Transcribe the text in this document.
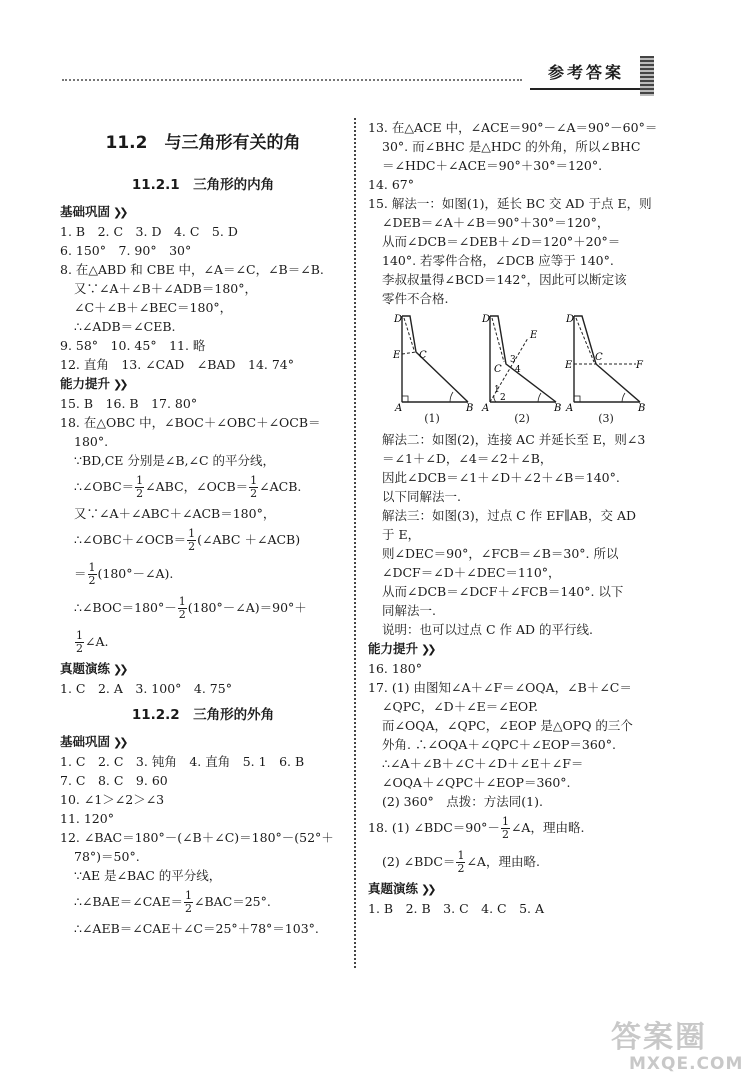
参考答案
11.2　与三角形有关的角
11.2.1　三角形的内角
基础巩固 ❯❯
1. B　2. C　3. D　4. C　5. D
6. 150°　7. 90°　30°
8. 在△ABD 和 CBE 中，∠A＝∠C，∠B＝∠B.
又∵∠A＋∠B＋∠ADB＝180°，
∠C＋∠B＋∠BEC＝180°，
∴∠ADB＝∠CEB.
9. 58°　10. 45°　11. 略
12. 直角　13. ∠CAD　∠BAD　14. 74°
能力提升 ❯❯
15. B　16. B　17. 80°
18. 在△OBC 中，∠BOC＋∠OBC＋∠OCB＝
180°.
∵BD,CE 分别是∠B,∠C 的平分线，
∴∠OBC＝ $\frac{1}{2}$ ∠ABC，∠OCB＝ $\frac{1}{2}$ ∠ACB.
又∵∠A＋∠ABC＋∠ACB＝180°，
∴∠OBC＋∠OCB＝ $\frac{1}{2}$ (∠ABC ＋∠ACB)
＝ $\frac{1}{2}$ (180°－∠A).
∴∠BOC＝180°－ $\frac{1}{2}$ (180°－∠A)＝90°＋
$\frac{1}{2}$ ∠A.
真题演练 ❯❯
1. C　2. A　3. 100°　4. 75°
11.2.2　三角形的外角
基础巩固 ❯❯
1. C　2. C　3. 钝角　4. 直角　5. 1　6. B
7. C　8. C　9. 60
10. ∠1＞∠2＞∠3
11. 120°
12. ∠BAC＝180°－(∠B＋∠C)＝180°－(52°＋
78°)＝50°.
∵AE 是∠BAC 的平分线，
∴∠BAE＝∠CAE＝ $\frac{1}{2}$ ∠BAC＝25°.
∴∠AEB＝∠CAE＋∠C＝25°＋78°＝103°.
13. 在△ACE 中，∠ACE＝90°－∠A＝90°－60°＝
30°. 而∠BHC 是△HDC 的外角，所以∠BHC
＝∠HDC＋∠ACE＝90°＋30°＝120°.
14. 67°
15. 解法一：如图(1)，延长 BC 交 AD 于点 E，则
∠DEB＝∠A＋∠B＝90°＋30°＝120°，
从而∠DCB＝∠DEB＋∠D＝120°＋20°＝
140°. 若零件合格，∠DCB 应等于 140°.
李叔叔量得∠BCD＝142°，因此可以断定该
零件不合格.
D
E C
A	B
(1)
D
E
C
3
4
1
2
A	B
(2)
D
E
C
F
A	B
(3)
解法二：如图(2)，连接 AC 并延长至 E，则∠3
＝∠1＋∠D，∠4＝∠2＋∠B，
因此∠DCB＝∠1＋∠D＋∠2＋∠B＝140°.
以下同解法一.
解法三：如图(3)，过点 C 作 EF∥AB，交 AD
于 E，
则∠DEC＝90°，∠FCB＝∠B＝30°. 所以
∠DCF＝∠D＋∠DEC＝110°，
从而∠DCB＝∠DCF＋∠FCB＝140°. 以下
同解法一.
说明：也可以过点 C 作 AD 的平行线.
能力提升 ❯❯
16. 180°
17. (1) 由图知∠A＋∠F＝∠OQA，∠B＋∠C＝
∠QPC，∠D＋∠E＝∠EOP.
而∠OQA，∠QPC，∠EOP 是△OPQ 的三个
外角. ∴∠OQA＋∠QPC＋∠EOP＝360°.
∴∠A＋∠B＋∠C＋∠D＋∠E＋∠F＝
∠OQA＋∠QPC＋∠EOP＝360°.
(2) 360°　点拨：方法同(1).
18. (1) ∠BDC＝90°－ $\frac{1}{2}$ ∠A，理由略.
(2) ∠BDC＝ $\frac{1}{2}$ ∠A，理由略.
真题演练 ❯❯
1. B　2. B　3. C　4. C　5. A
答案圈
MXQE.COM
